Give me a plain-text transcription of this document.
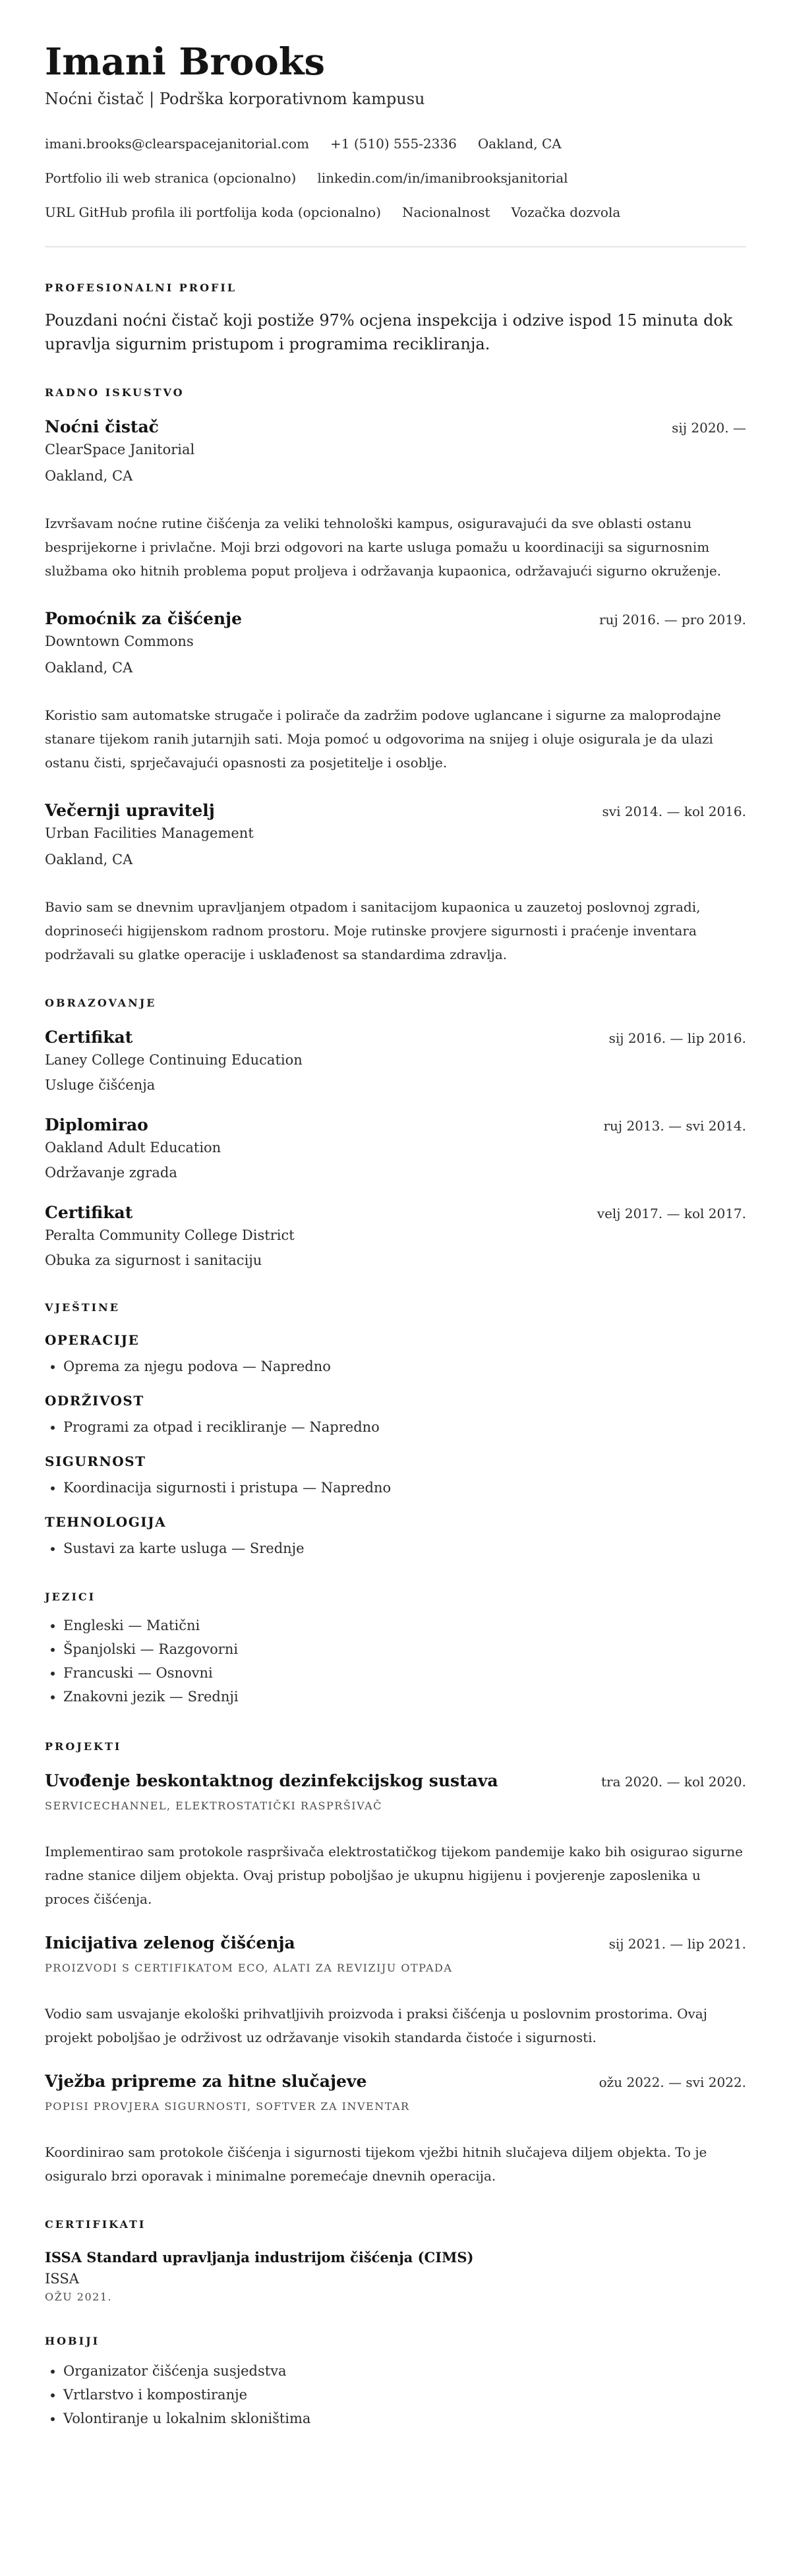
Imani Brooks
Noćni čistač | Podrška korporativnom kampusu
imani.brooks@clearspacejanitorial.com +1 (510) 555-2336 Oakland, CA
Portfolio ili web stranica (opcionalno) linkedin.com/in/imanibrooksjanitorial
URL GitHub profila ili portfolija koda (opcionalno) Nacionalnost Vozačka dozvola
PROFESIONALNI PROFIL
Pouzdani noćni čistač koji postiže 97% ocjena inspekcija i odzive ispod 15 minuta dok upravlja sigurnim pristupom i programima recikliranja.
RADNO ISKUSTVO
Noćni čistač	sij 2020. —
ClearSpace Janitorial
Oakland, CA

Izvršavam noćne rutine čišćenja za veliki tehnološki kampus, osiguravajući da sve oblasti ostanu besprijekorne i privlačne. Moji brzi odgovori na karte usluga pomažu u koordinaciji sa sigurnosnim službama oko hitnih problema poput proljeva i održavanja kupaonica, održavajući sigurno okruženje.

Pomoćnik za čišćenje	ruj 2016. — pro 2019.
Downtown Commons
Oakland, CA

Koristio sam automatske strugače i polirače da zadržim podove uglancane i sigurne za maloprodajne stanare tijekom ranih jutarnjih sati. Moja pomoć u odgovorima na snijeg i oluje osigurala je da ulazi ostanu čisti, sprječavajući opasnosti za posjetitelje i osoblje.

Večernji upravitelj	svi 2014. — kol 2016.
Urban Facilities Management
Oakland, CA

Bavio sam se dnevnim upravljanjem otpadom i sanitacijom kupaonica u zauzetoj poslovnoj zgradi, doprinoseći higijenskom radnom prostoru. Moje rutinske provjere sigurnosti i praćenje inventara podržavali su glatke operacije i usklađenost sa standardima zdravlja.

OBRAZOVANJE
Certifikat	sij 2016. — lip 2016.
Laney College Continuing Education
Usluge čišćenja
Diplomirao	ruj 2013. — svi 2014.
Oakland Adult Education
Održavanje zgrada
Certifikat	velj 2017. — kol 2017.
Peralta Community College District
Obuka za sigurnost i sanitaciju
VJEŠTINE
OPERACIJE
• Oprema za njegu podova — Napredno
ODRŽIVOST
• Programi za otpad i recikliranje — Napredno
SIGURNOST
• Koordinacija sigurnosti i pristupa — Napredno
TEHNOLOGIJA
• Sustavi za karte usluga — Srednje
JEZICI
• Engleski — Matični
• Španjolski — Razgovorni
• Francuski — Osnovni
• Znakovni jezik — Srednji
PROJEKTI
Uvođenje beskontaktnog dezinfekcijskog sustava	tra 2020. — kol 2020.
SERVICECHANNEL, ELEKTROSTATIČKI RASPRŠIVAČ

Implementirao sam protokole raspršivača elektrostatičkog tijekom pandemije kako bih osigurao sigurne radne stanice diljem objekta. Ovaj pristup poboljšao je ukupnu higijenu i povjerenje zaposlenika u proces čišćenja.

Inicijativa zelenog čišćenja	sij 2021. — lip 2021.
PROIZVODI S CERTIFIKATOM ECO, ALATI ZA REVIZIJU OTPADA

Vodio sam usvajanje ekološki prihvatljivih proizvoda i praksi čišćenja u poslovnim prostorima. Ovaj projekt poboljšao je održivost uz održavanje visokih standarda čistoće i sigurnosti.

Vježba pripreme za hitne slučajeve	ožu 2022. — svi 2022.
POPISI PROVJERA SIGURNOSTI, SOFTVER ZA INVENTAR

Koordinirao sam protokole čišćenja i sigurnosti tijekom vježbi hitnih slučajeva diljem objekta. To je osiguralo brzi oporavak i minimalne poremećaje dnevnih operacija.

CERTIFIKATI
ISSA Standard upravljanja industrijom čišćenja (CIMS)
ISSA
OŽU 2021.
HOBIJI
• Organizator čišćenja susjedstva
• Vrtlarstvo i kompostiranje
• Volontiranje u lokalnim skloništima
